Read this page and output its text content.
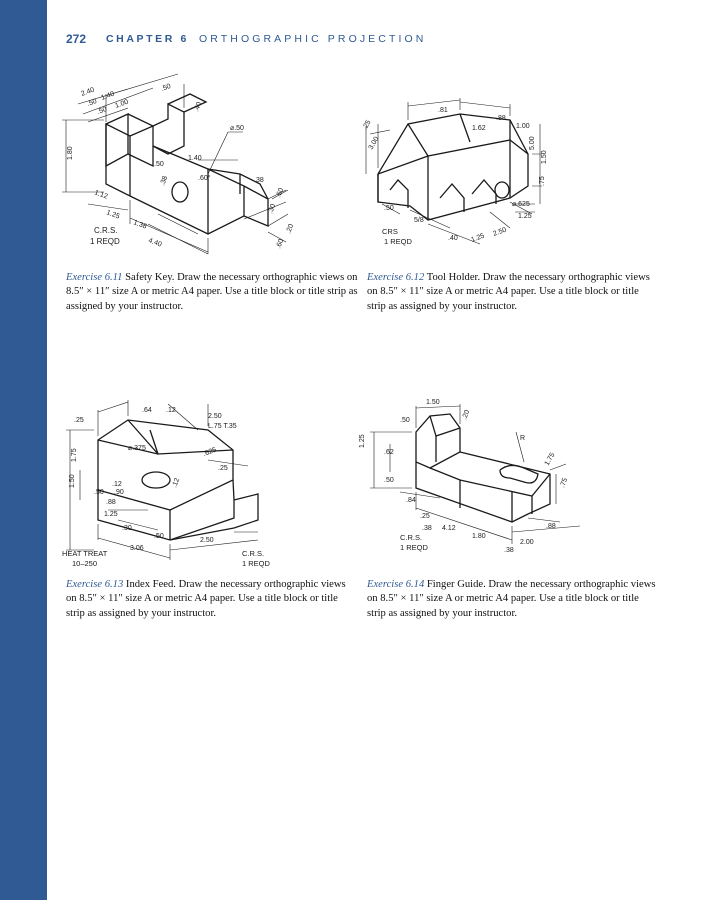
272 CHAPTER 6 ORTHOGRAPHIC PROJECTION
2.40	.50
.50
1.40
.50
1.00
1.80
.40
⌀.50
1.40
.50
.60°
.38	.38
1.12
1.25
.30
.60
4.40
1.38
.60
.20
C.R.S.
1 REQD
.81
1.62
.88
1.00
.25
3.00
1.50
.75
5.00
.50
⌀.625
1.25
5/8
.40 1.25
2.50
CRS
1 REQD
Exercise 6.11 Safety Key. Draw the necessary orthographic views on 8.5″ × 11″ size A or metric A4 paper. Use a title block or title strip as assigned by your instructor.
Exercise 6.12 Tool Holder. Draw the necessary orthographic views on 8.5″ × 11″ size A or metric A4 paper. Use a title block or title strip as assigned by your instructor.
.25
.64 .12
2.50
L.75 T.35
1.75
1.50
⌀.375
.12
.25
.12
.50 .90
.88
1.25
.30
3.06
2.50
.50
.625
HEAT TREAT
10–250
C.R.S.
1 REQD
.50
1.50
1.25
.62
R
.20
.50
1.75
.84
.75
.25
.38 4.12
1.80
2.00
.38
.88
C.R.S.
1 REQD
Exercise 6.13 Index Feed. Draw the necessary orthographic views on 8.5″ × 11″ size A or metric A4 paper. Use a title block or title strip as assigned by your instructor.
Exercise 6.14 Finger Guide. Draw the necessary orthographic views on 8.5″ × 11″ size A or metric A4 paper. Use a title block or title strip as assigned by your instructor.
